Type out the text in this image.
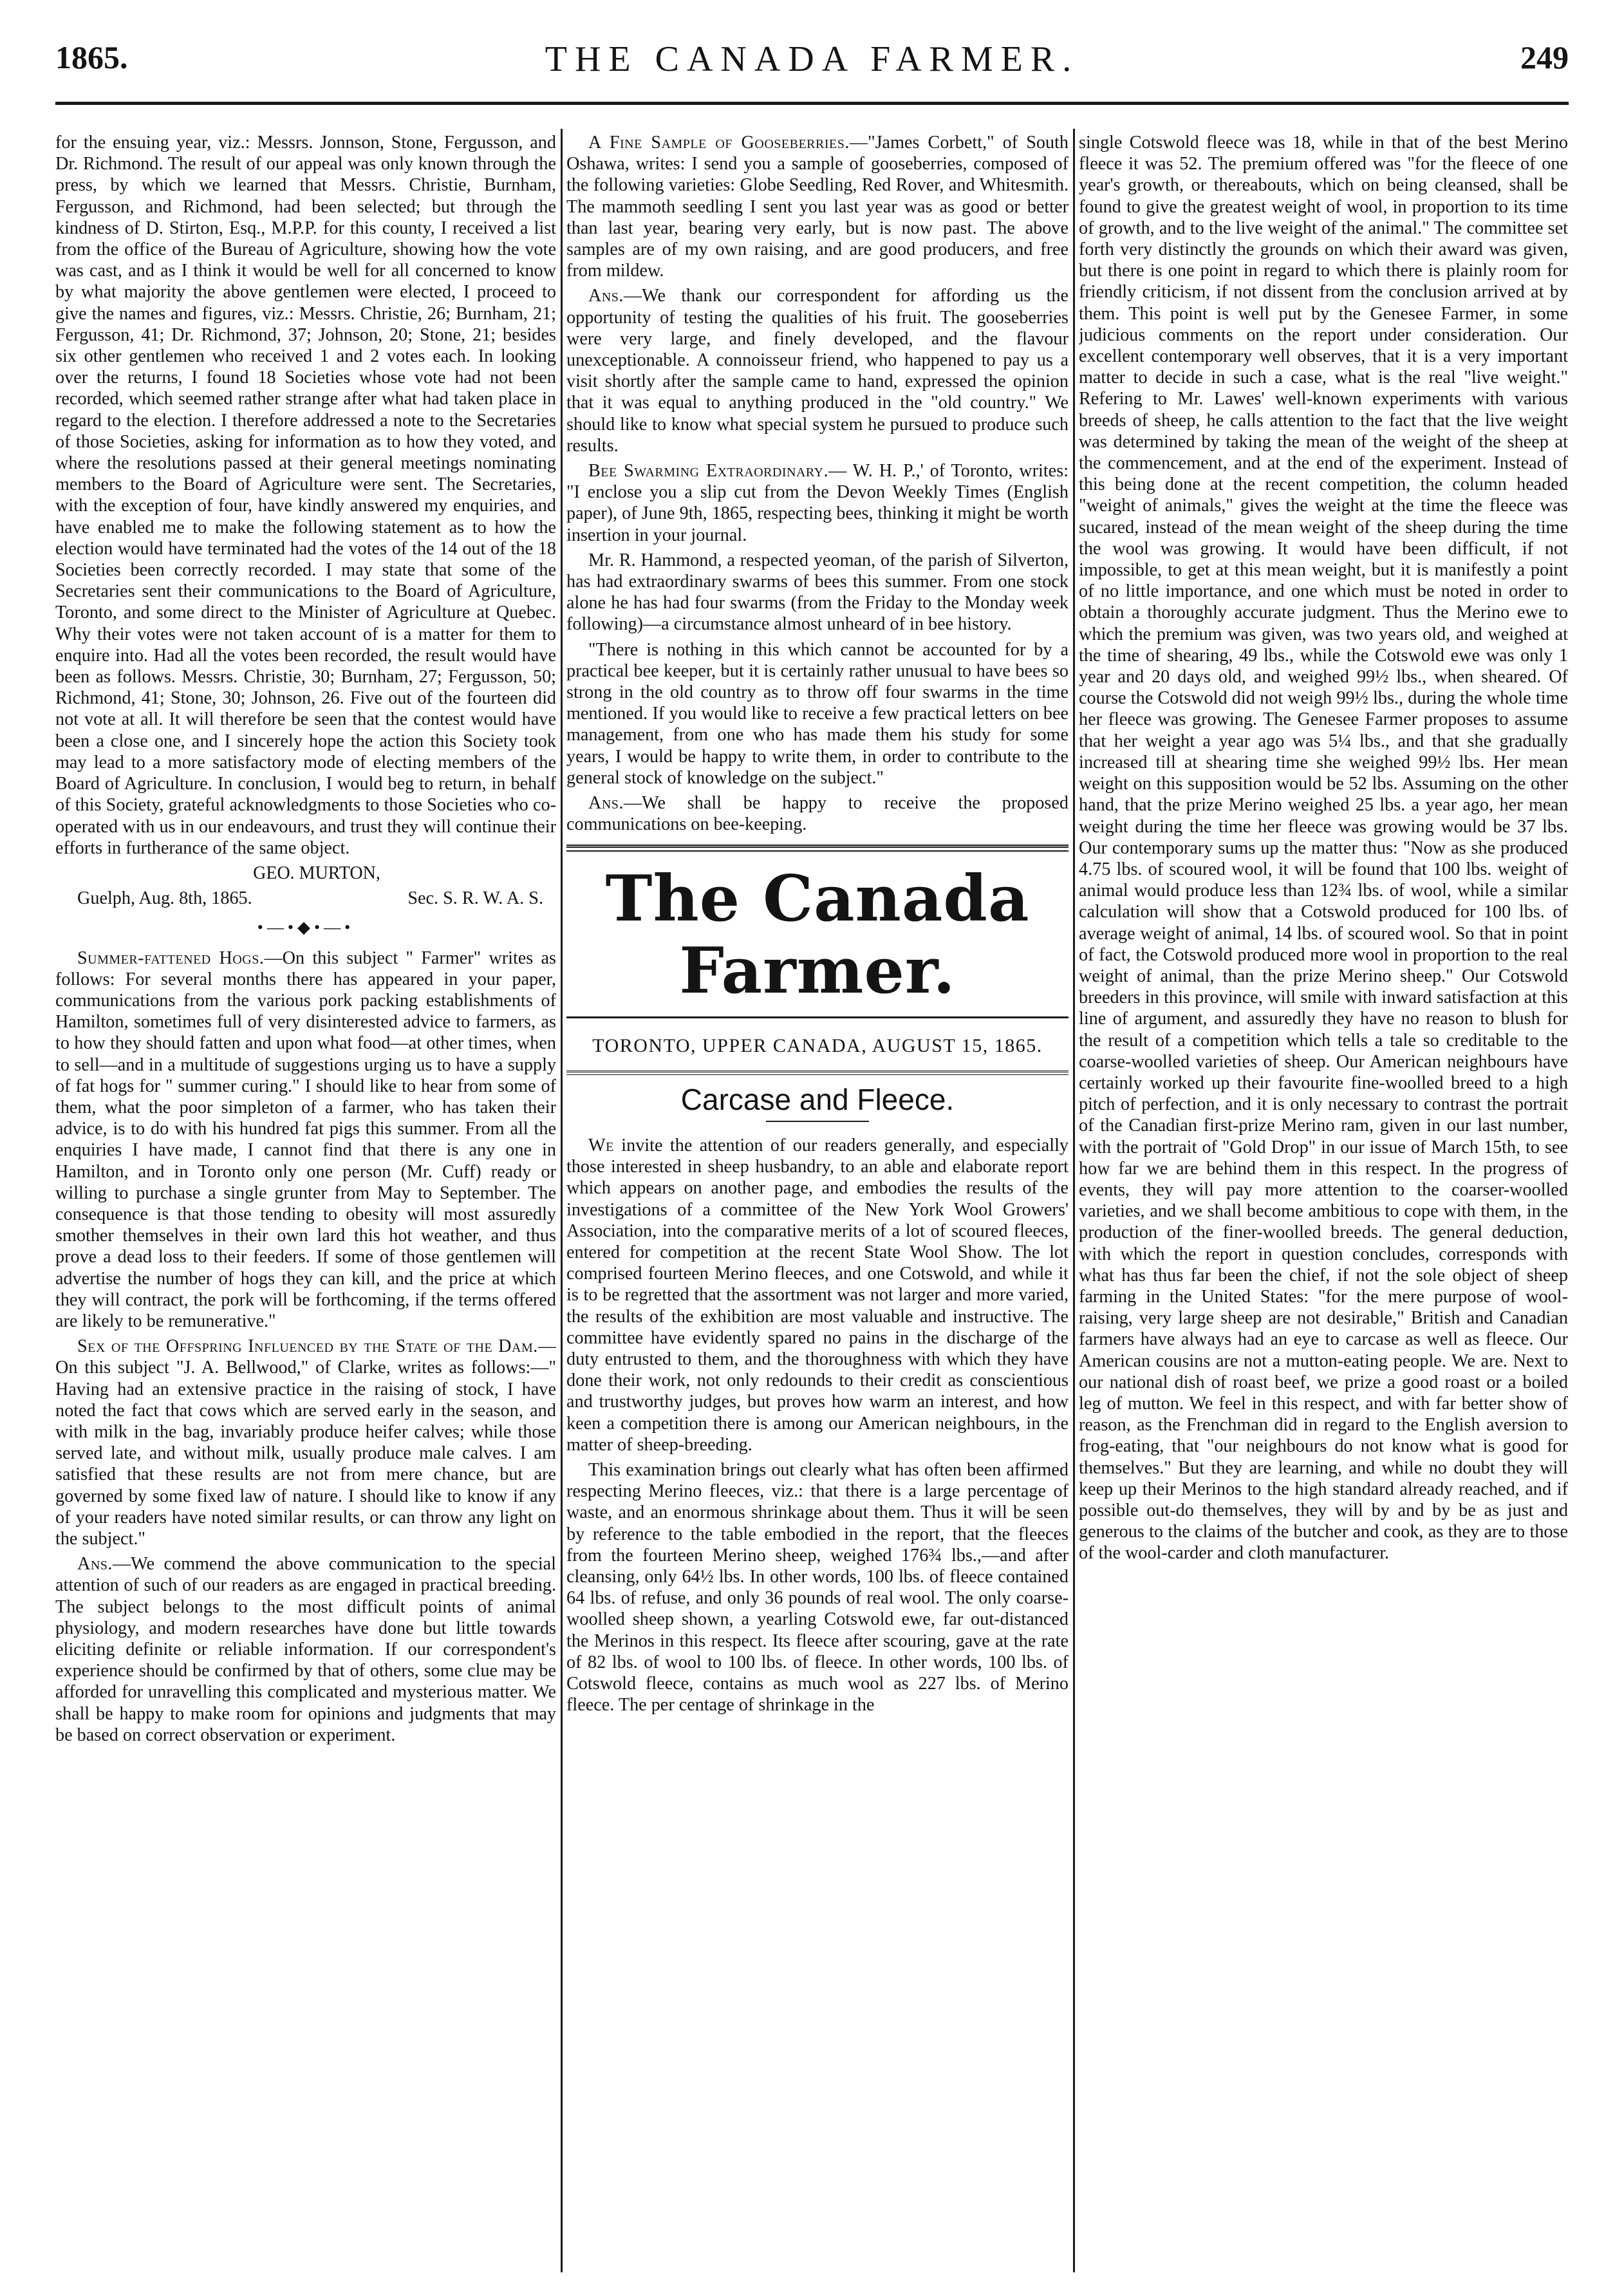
1865.	THE CANADA FARMER.	249

for the ensuing year, viz.: Messrs. Jonnson, Stone, Fergusson, and Dr. Richmond. The result of our appeal was only known through the press, by which we learned that Messrs. Christie, Burnham, Fergusson, and Richmond, had been selected; but through the kindness of D. Stirton, Esq., M.P.P. for this county, I received a list from the office of the Bureau of Agriculture, showing how the vote was cast, and as I think it would be well for all concerned to know by what majority the above gentlemen were elected, I proceed to give the names and figures, viz.: Messrs. Christie, 26; Burnham, 21; Fergusson, 41; Dr. Richmond, 37; Johnson, 20; Stone, 21; besides six other gentlemen who received 1 and 2 votes each. In looking over the returns, I found 18 Societies whose vote had not been recorded, which seemed rather strange after what had taken place in regard to the election. I therefore addressed a note to the Secretaries of those Societies, asking for information as to how they voted, and where the resolutions passed at their general meetings nominating members to the Board of Agriculture were sent. The Secretaries, with the exception of four, have kindly answered my enquiries, and have enabled me to make the following statement as to how the election would have terminated had the votes of the 14 out of the 18 Societies been correctly recorded. I may state that some of the Secretaries sent their communications to the Board of Agriculture, Toronto, and some direct to the Minister of Agriculture at Quebec. Why their votes were not taken account of is a matter for them to enquire into. Had all the votes been recorded, the result would have been as follows. Messrs. Christie, 30; Burnham, 27; Fergusson, 50; Richmond, 41; Stone, 30; Johnson, 26. Five out of the fourteen did not vote at all. It will therefore be seen that the contest would have been a close one, and I sincerely hope the action this Society took may lead to a more satisfactory mode of electing members of the Board of Agriculture. In conclusion, I would beg to return, in behalf of this Society, grateful acknowledgments to those Societies who co-operated with us in our endeavours, and trust they will continue their efforts in furtherance of the same object.

GEO. MURTON,

Guelph, Aug. 8th, 1865.	Sec. S. R. W. A. S.
•—•◆•—•

Summer-fattened Hogs.—On this subject " Farmer" writes as follows: For several months there has appeared in your paper, communications from the various pork packing establishments of Hamilton, sometimes full of very disinterested advice to farmers, as to how they should fatten and upon what food—at other times, when to sell—and in a multitude of suggestions urging us to have a supply of fat hogs for " summer curing." I should like to hear from some of them, what the poor simpleton of a farmer, who has taken their advice, is to do with his hundred fat pigs this summer. From all the enquiries I have made, I cannot find that there is any one in Hamilton, and in Toronto only one person (Mr. Cuff) ready or willing to purchase a single grunter from May to September. The consequence is that those tending to obesity will most assuredly smother themselves in their own lard this hot weather, and thus prove a dead loss to their feeders. If some of those gentlemen will advertise the number of hogs they can kill, and the price at which they will contract, the pork will be forthcoming, if the terms offered are likely to be remunerative."

Sex of the Offspring Influenced by the State of the Dam.—On this subject "J. A. Bellwood," of Clarke, writes as follows:—" Having had an extensive practice in the raising of stock, I have noted the fact that cows which are served early in the season, and with milk in the bag, invariably produce heifer calves; while those served late, and without milk, usually produce male calves. I am satisfied that these results are not from mere chance, but are governed by some fixed law of nature. I should like to know if any of your readers have noted similar results, or can throw any light on the subject."

Ans.—We commend the above communication to the special attention of such of our readers as are engaged in practical breeding. The subject belongs to the most difficult points of animal physiology, and modern researches have done but little towards eliciting definite or reliable information. If our correspondent's experience should be confirmed by that of others, some clue may be afforded for unravelling this complicated and mysterious matter. We shall be happy to make room for opinions and judgments that may be based on correct observation or experiment.

A Fine Sample of Gooseberries.—"James Corbett," of South Oshawa, writes: I send you a sample of gooseberries, composed of the following varieties: Globe Seedling, Red Rover, and Whitesmith. The mammoth seedling I sent you last year was as good or better than last year, bearing very early, but is now past. The above samples are of my own raising, and are good producers, and free from mildew.

Ans.—We thank our correspondent for affording us the opportunity of testing the qualities of his fruit. The gooseberries were very large, and finely developed, and the flavour unexceptionable. A connoisseur friend, who happened to pay us a visit shortly after the sample came to hand, expressed the opinion that it was equal to anything produced in the "old country." We should like to know what special system he pursued to produce such results.

Bee Swarming Extraordinary.— W. H. P.,' of Toronto, writes: "I enclose you a slip cut from the Devon Weekly Times (English paper), of June 9th, 1865, respecting bees, thinking it might be worth insertion in your journal.

Mr. R. Hammond, a respected yeoman, of the parish of Silverton, has had extraordinary swarms of bees this summer. From one stock alone he has had four swarms (from the Friday to the Monday week following)—a circumstance almost unheard of in bee history.

"There is nothing in this which cannot be accounted for by a practical bee keeper, but it is certainly rather unusual to have bees so strong in the old country as to throw off four swarms in the time mentioned. If you would like to receive a few practical letters on bee management, from one who has made them his study for some years, I would be happy to write them, in order to contribute to the general stock of knowledge on the subject."

Ans.—We shall be happy to receive the proposed communications on bee-keeping.

The Canada Farmer.
TORONTO, UPPER CANADA, AUGUST 15, 1865.
Carcase and Fleece.

We invite the attention of our readers generally, and especially those interested in sheep husbandry, to an able and elaborate report which appears on another page, and embodies the results of the investigations of a committee of the New York Wool Growers' Association, into the comparative merits of a lot of scoured fleeces, entered for competition at the recent State Wool Show. The lot comprised fourteen Merino fleeces, and one Cotswold, and while it is to be regretted that the assortment was not larger and more varied, the results of the exhibition are most valuable and instructive. The committee have evidently spared no pains in the discharge of the duty entrusted to them, and the thoroughness with which they have done their work, not only redounds to their credit as conscientious and trustworthy judges, but proves how warm an interest, and how keen a competition there is among our American neighbours, in the matter of sheep-breeding.

This examination brings out clearly what has often been affirmed respecting Merino fleeces, viz.: that there is a large percentage of waste, and an enormous shrinkage about them. Thus it will be seen by reference to the table embodied in the report, that the fleeces from the fourteen Merino sheep, weighed 176¾ lbs.,—and after cleansing, only 64½ lbs. In other words, 100 lbs. of fleece contained 64 lbs. of refuse, and only 36 pounds of real wool. The only coarse-woolled sheep shown, a yearling Cotswold ewe, far out-distanced the Merinos in this respect. Its fleece after scouring, gave at the rate of 82 lbs. of wool to 100 lbs. of fleece. In other words, 100 lbs. of Cotswold fleece, contains as much wool as 227 lbs. of Merino fleece. The per centage of shrinkage in the

single Cotswold fleece was 18, while in that of the best Merino fleece it was 52. The premium offered was "for the fleece of one year's growth, or thereabouts, which on being cleansed, shall be found to give the greatest weight of wool, in proportion to its time of growth, and to the live weight of the animal." The committee set forth very distinctly the grounds on which their award was given, but there is one point in regard to which there is plainly room for friendly criticism, if not dissent from the conclusion arrived at by them. This point is well put by the Genesee Farmer, in some judicious comments on the report under consideration. Our excellent contemporary well observes, that it is a very important matter to decide in such a case, what is the real "live weight." Refering to Mr. Lawes' well-known experiments with various breeds of sheep, he calls attention to the fact that the live weight was determined by taking the mean of the weight of the sheep at the commencement, and at the end of the experiment. Instead of this being done at the recent competition, the column headed "weight of animals," gives the weight at the time the fleece was sucared, instead of the mean weight of the sheep during the time the wool was growing. It would have been difficult, if not impossible, to get at this mean weight, but it is manifestly a point of no little importance, and one which must be noted in order to obtain a thoroughly accurate judgment. Thus the Merino ewe to which the premium was given, was two years old, and weighed at the time of shearing, 49 lbs., while the Cotswold ewe was only 1 year and 20 days old, and weighed 99½ lbs., when sheared. Of course the Cotswold did not weigh 99½ lbs., during the whole time her fleece was growing. The Genesee Farmer proposes to assume that her weight a year ago was 5¼ lbs., and that she gradually increased till at shearing time she weighed 99½ lbs. Her mean weight on this supposition would be 52 lbs. Assuming on the other hand, that the prize Merino weighed 25 lbs. a year ago, her mean weight during the time her fleece was growing would be 37 lbs. Our contemporary sums up the matter thus: "Now as she produced 4.75 lbs. of scoured wool, it will be found that 100 lbs. weight of animal would produce less than 12¾ lbs. of wool, while a similar calculation will show that a Cotswold produced for 100 lbs. of average weight of animal, 14 lbs. of scoured wool. So that in point of fact, the Cotswold produced more wool in proportion to the real weight of animal, than the prize Merino sheep." Our Cotswold breeders in this province, will smile with inward satisfaction at this line of argument, and assuredly they have no reason to blush for the result of a competition which tells a tale so creditable to the coarse-woolled varieties of sheep. Our American neighbours have certainly worked up their favourite fine-woolled breed to a high pitch of perfection, and it is only necessary to contrast the portrait of the Canadian first-prize Merino ram, given in our last number, with the portrait of "Gold Drop" in our issue of March 15th, to see how far we are behind them in this respect. In the progress of events, they will pay more attention to the coarser-woolled varieties, and we shall become ambitious to cope with them, in the production of the finer-woolled breeds. The general deduction, with which the report in question concludes, corresponds with what has thus far been the chief, if not the sole object of sheep farming in the United States: "for the mere purpose of wool-raising, very large sheep are not desirable," British and Canadian farmers have always had an eye to carcase as well as fleece. Our American cousins are not a mutton-eating people. We are. Next to our national dish of roast beef, we prize a good roast or a boiled leg of mutton. We feel in this respect, and with far better show of reason, as the Frenchman did in regard to the English aversion to frog-eating, that "our neighbours do not know what is good for themselves." But they are learning, and while no doubt they will keep up their Merinos to the high standard already reached, and if possible out-do themselves, they will by and by be as just and generous to the claims of the butcher and cook, as they are to those of the wool-carder and cloth manufacturer.
